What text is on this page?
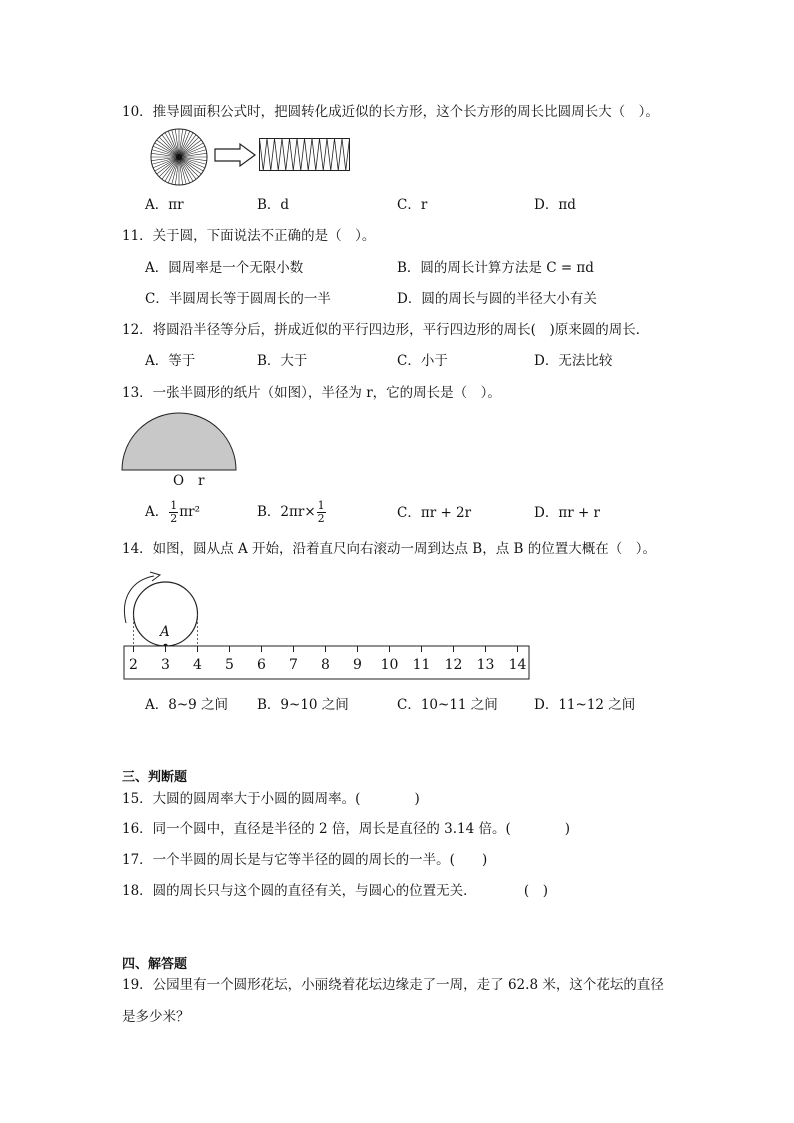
10．推导圆面积公式时，把圆转化成近似的长方形，这个长方形的周长比圆周长大（　）。
A．πr	B．d	C．r	D．πd
11．关于圆，下面说法不正确的是（　）。
A．圆周率是一个无限小数	B．圆的周长计算方法是 C = πd
C．半圆周长等于圆周长的一半	D．圆的周长与圆的半径大小有关
12．将圆沿半径等分后，拼成近似的平行四边形，平行四边形的周长(　)原来圆的周长．
A．等于	B．大于	C．小于	D．无法比较
13．一张半圆形的纸片（如图），半径为 r，它的周长是（　）。
O r
A． $\frac{1}{2} \pi r^2$	B．$2\pi r\times \frac{1}{2}$	C．πr + 2r	D．πr + r
14．如图，圆从点 A 开始，沿着直尺向右滚动一周到达点 B，点 B 的位置大概在（　）。
A
2	3	4	5	6	7	8	9	10 11 12 13 14
A．8~9 之间 B．9~10 之间	C．10~11 之间	D．11~12 之间
三、判断题
15．大圆的圆周率大于小圆的圆周率。(　　　　)
16．同一个圆中，直径是半径的 2 倍，周长是直径的 3.14 倍。(　　　　)
17．一个半圆的周长是与它等半径的圆的周长的一半。(　　)
18．圆的周长只与这个圆的直径有关，与圆心的位置无关．　　　　(　)
四、解答题
19．公园里有一个圆形花坛，小丽绕着花坛边缘走了一周，走了 62.8 米，这个花坛的直径
是多少米？
